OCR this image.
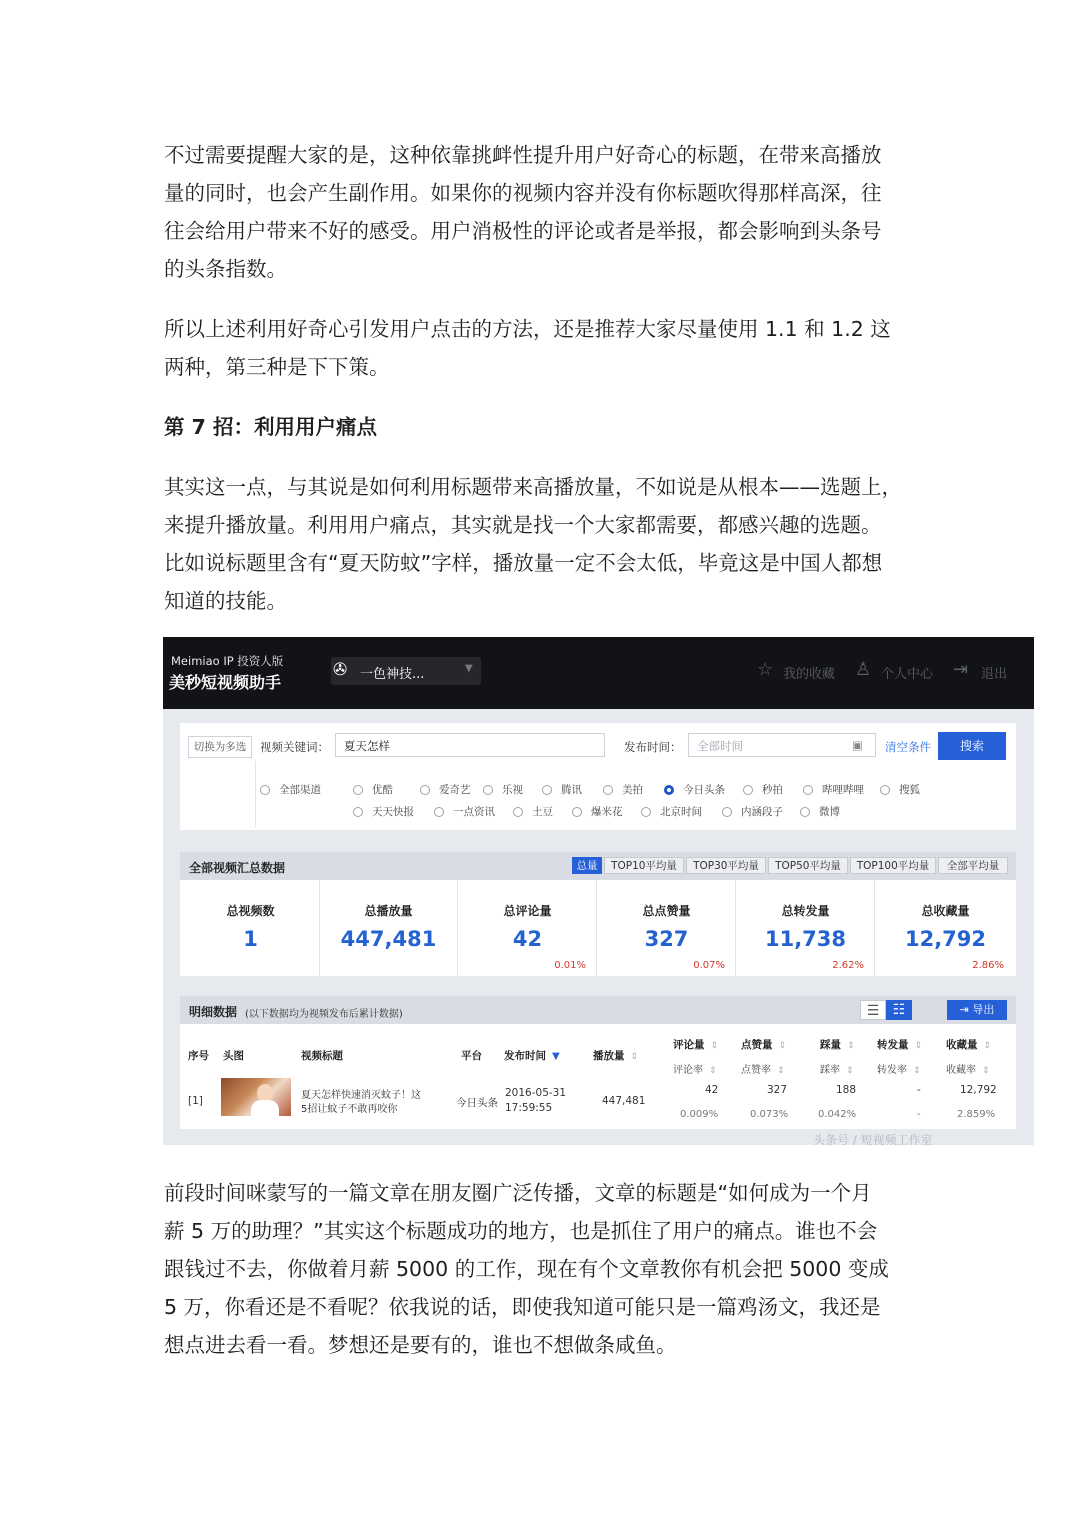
不过需要提醒大家的是，这种依靠挑衅性提升用户好奇心的标题，在带来高播放
量的同时，也会产生副作用。如果你的视频内容并没有你标题吹得那样高深，往
往会给用户带来不好的感受。用户消极性的评论或者是举报，都会影响到头条号
的头条指数。

所以上述利用好奇心引发用户点击的方法，还是推荐大家尽量使用 1.1 和 1.2 这
两种，第三种是下下策。

第 7 招：利用用户痛点

其实这一点，与其说是如何利用标题带来高播放量，不如说是从根本——选题上，
来提升播放量。利用用户痛点，其实就是找一个大家都需要，都感兴趣的选题。
比如说标题里含有“夏天防蚊”字样，播放量一定不会太低，毕竟这是中国人都想
知道的技能。

Meimiao IP 投资人版
美秒短视频助手
✇ 一色神技...	▼	☆ 我的收藏 ♙ 个人中心 ⇥ 退出
切换为多选	视频关键词：	夏天怎样	发布时间：	全部时间	▣ 清空条件	搜索
全部渠道	优酷	爱奇艺	乐视	腾讯	美拍	今日头条	秒拍	哔哩哔哩	搜狐
天天快报	一点资讯	土豆	爆米花	北京时间	内涵段子	微博
全部视频汇总数据	总量	TOP10平均量	TOP30平均量	TOP50平均量	TOP100平均量	全部平均量
总视频数
1
总播放量
447,481
总评论量
42
0.01%
总点赞量
327
0.07%
总转发量
11,738
2.62%
总收藏量
12,792
2.86%
明细数据 (以下数据均为视频发布后累计数据)	☰ ☷	⇥ 导出
序号 头图	视频标题	平台 发布时间 ▼	播放量 ⇕
评论量 ⇕
评论率 ⇕
点赞量 ⇕
点赞率 ⇕
踩量 ⇕
踩率 ⇕
转发量 ⇕
转发率 ⇕
收藏量 ⇕
收藏率 ⇕
[1]	夏天怎样快速消灭蚊子！这
5招让蚊子不敢再咬你
今日头条
2016-05-31
17:59:55
447,481
42
0.009%
327
0.073%
188
0.042%
-
-
12,792
2.859%
头条号 / 短视频工作室

前段时间咪蒙写的一篇文章在朋友圈广泛传播，文章的标题是“如何成为一个月
薪 5 万的助理？”其实这个标题成功的地方，也是抓住了用户的痛点。谁也不会
跟钱过不去，你做着月薪 5000 的工作，现在有个文章教你有机会把 5000 变成
5 万，你看还是不看呢？依我说的话，即使我知道可能只是一篇鸡汤文，我还是
想点进去看一看。梦想还是要有的，谁也不想做条咸鱼。
